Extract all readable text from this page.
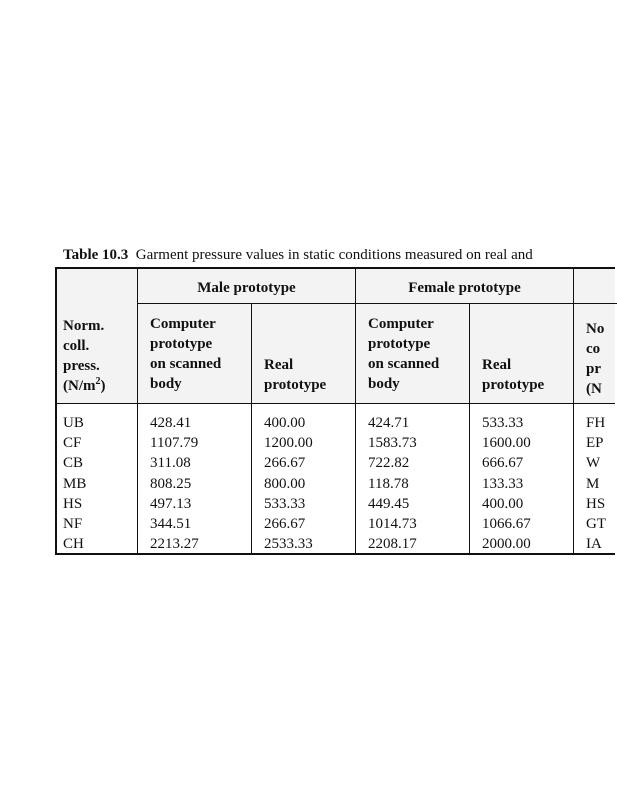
Table 10.3 Garment pressure values in static conditions measured on real and
Male prototype	Female prototype
Norm.
coll.
press.
$(N/m^2)$
Computer
prototype
on scanned
body
Real
prototype
Computer
prototype
on scanned
body
Real
prototype
No
co
pr
(N
UB
CF
CB
MB
HS
NF
CH
428.41
1107.79
311.08
808.25
497.13
344.51
2213.27
400.00
1200.00
266.67
800.00
533.33
266.67
2533.33
424.71
1583.73
722.82
118.78
449.45
1014.73
2208.17
533.33
1600.00
666.67
133.33
400.00
1066.67
2000.00
FH
EP
W
M
HS
GT
IA
